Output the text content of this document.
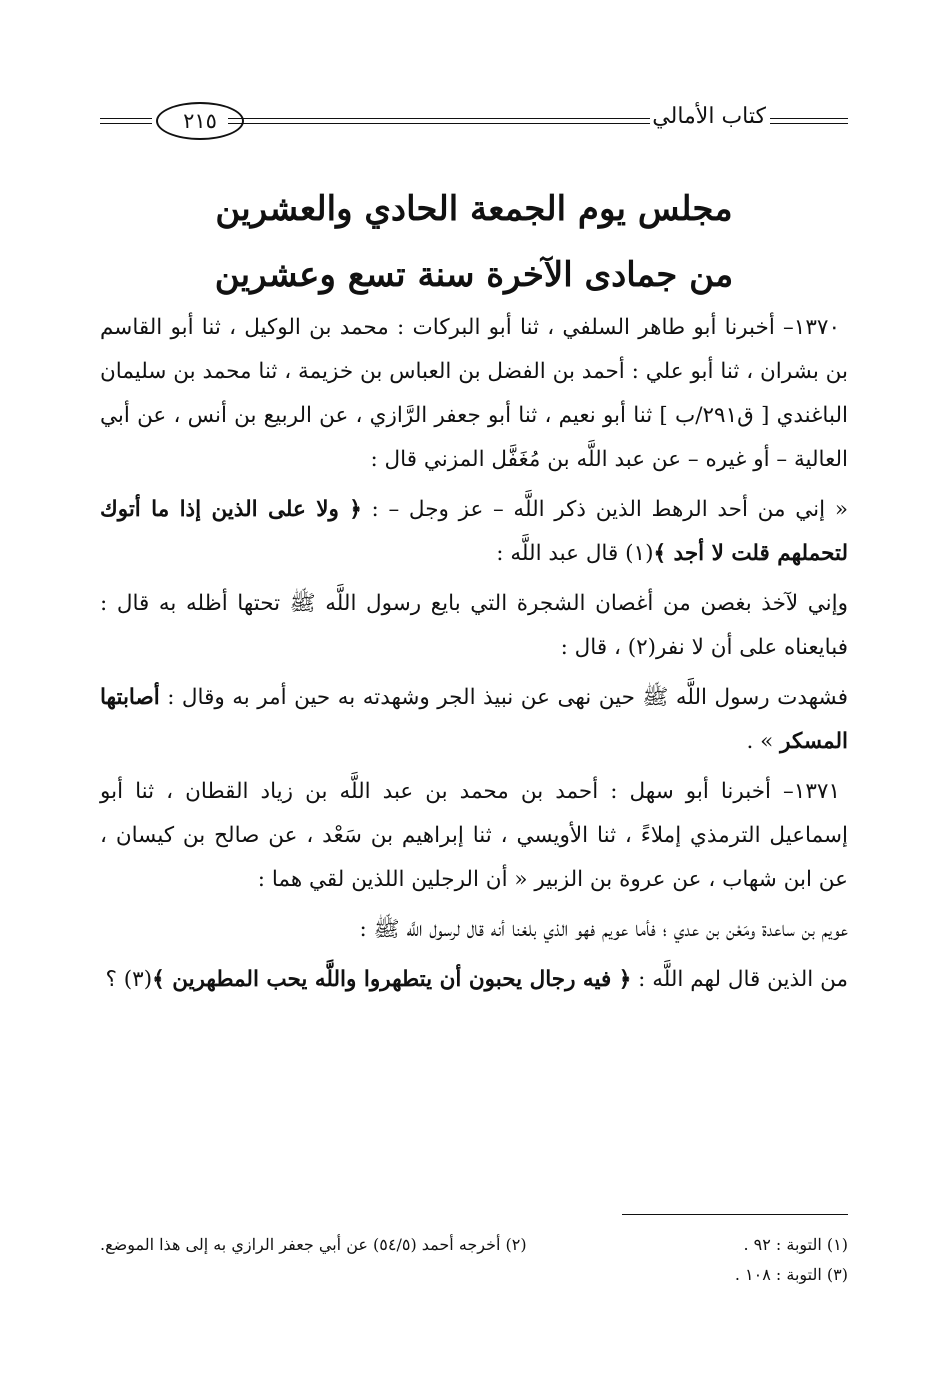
كتاب الأمالي
٢١٥
مجلس يوم الجمعة الحادي والعشرين
من جمادى الآخرة سنة تسع وعشرين

١٣٧٠– أخبرنا أبو طاهر السلفي ، ثنا أبو البركات : محمد بن الوكيل ، ثنا أبو القاسم بن بشران ، ثنا أبو علي : أحمد بن الفضل بن العباس بن خزيمة ، ثنا محمد بن سليمان الباغندي [ ق٢٩١/ب ] ثنا أبو نعيم ، ثنا أبو جعفر الرَّازي ، عن الربيع بن أنس ، عن أبي العالية – أو غيره – عن عبد اللَّه بن مُغَفَّل المزني قال :

« إني من أحد الرهط الذين ذكر اللَّه – عز وجل – : ﴿ ولا على الذين إذا ما أتوك لتحملهم قلت لا أجد ﴾(١) قال عبد اللَّه :

وإني لآخذ بغصن من أغصان الشجرة التي بايع رسول اللَّه ﷺ تحتها أظله به قال : فبايعناه على أن لا نفر(٢) ، قال :

فشهدت رسول اللَّه ﷺ حين نهى عن نبيذ الجر وشهدته به حين أمر به وقال : أصابتها المسكر » .

١٣٧١– أخبرنا أبو سهل : أحمد بن محمد بن عبد اللَّه بن زياد القطان ، ثنا أبو إسماعيل الترمذي إملاءً ، ثنا الأويسي ، ثنا إبراهيم بن سَعْد ، عن صالح بن كيسان ، عن ابن شهاب ، عن عروة بن الزبير « أن الرجلين اللذين لقي هما :

عويم بن ساعدة ومَعْن بن عدي ؛ فأما عويم فهو الذي بلغنا أنه قال لرسول اللَّه ﷺ :

من الذين قال لهم اللَّه : ﴿ فيه رجال يحبون أن يتطهروا واللَّه يحب المطهرين ﴾(٣) ؟

(١) التوبة : ٩٢ .
(٢) أخرجه أحمد (٥٤/٥) عن أبي جعفر الرازي به إلى هذا الموضع.
(٣) التوبة : ١٠٨ .
